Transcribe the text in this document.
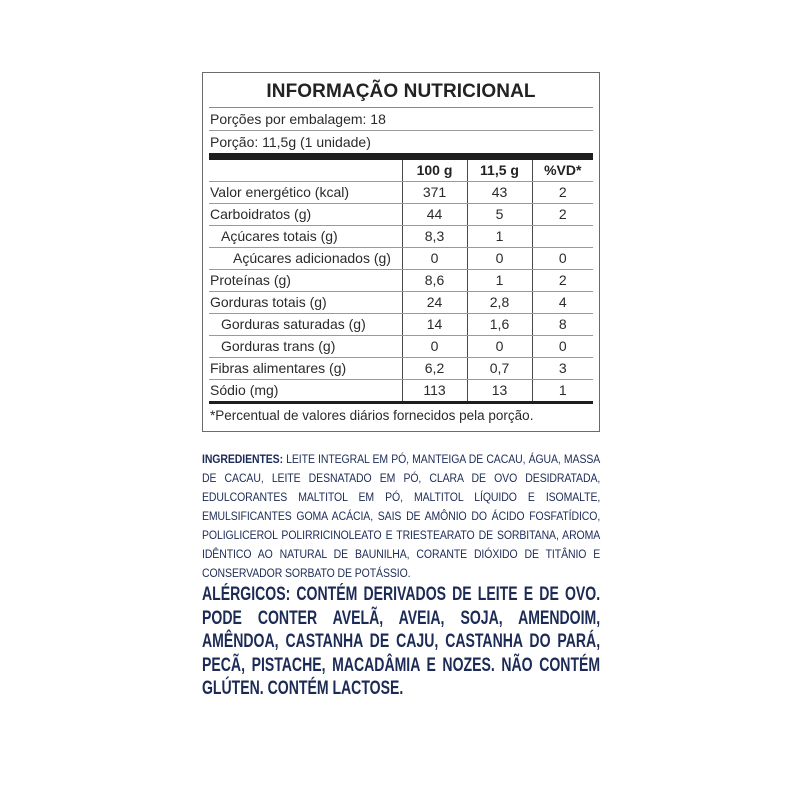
INFORMAÇÃO NUTRICIONAL
Porções por embalagem: 18
Porção: 11,5g (1 unidade)
	100 g	11,5 g	%VD*
Valor energético (kcal)	371	43	2
Carboidratos (g)	44	5	2
Açúcares totais (g)	8,3	1	
Açúcares adicionados (g)	0	0	0
Proteínas (g)	8,6	1	2
Gorduras totais (g)	24	2,8	4
Gorduras saturadas (g)	14	1,6	8
Gorduras trans (g)	0	0	0
Fibras alimentares (g)	6,2	0,7	3
Sódio (mg)	113	13	1
*Percentual de valores diários fornecidos pela porção.
INGREDIENTES: LEITE INTEGRAL EM PÓ, MANTEIGA DE CACAU, ÁGUA, MASSA DE CACAU, LEITE DESNATADO EM PÓ, CLARA DE OVO DESIDRATADA, EDULCORANTES MALTITOL EM PÓ, MALTITOL LÍQUIDO E ISOMALTE, EMULSIFICANTES GOMA ACÁCIA, SAIS DE AMÔNIO DO ÁCIDO FOSFATÍDICO, POLIGLICEROL POLIRRICINOLEATO E TRIESTEARATO DE SORBITANA, AROMA IDÊNTICO AO NATURAL DE BAUNILHA, CORANTE DIÓXIDO DE TITÂNIO E CONSERVADOR SORBATO DE POTÁSSIO.
ALÉRGICOS: CONTÉM DERIVADOS DE LEITE E DE OVO. PODE CONTER AVELÃ, AVEIA, SOJA, AMENDOIM, AMÊNDOA, CASTANHA DE CAJU, CASTANHA DO PARÁ, PECÃ, PISTACHE, MACADÂMIA E NOZES. NÃO CONTÉM GLÚTEN. CONTÉM LACTOSE.
